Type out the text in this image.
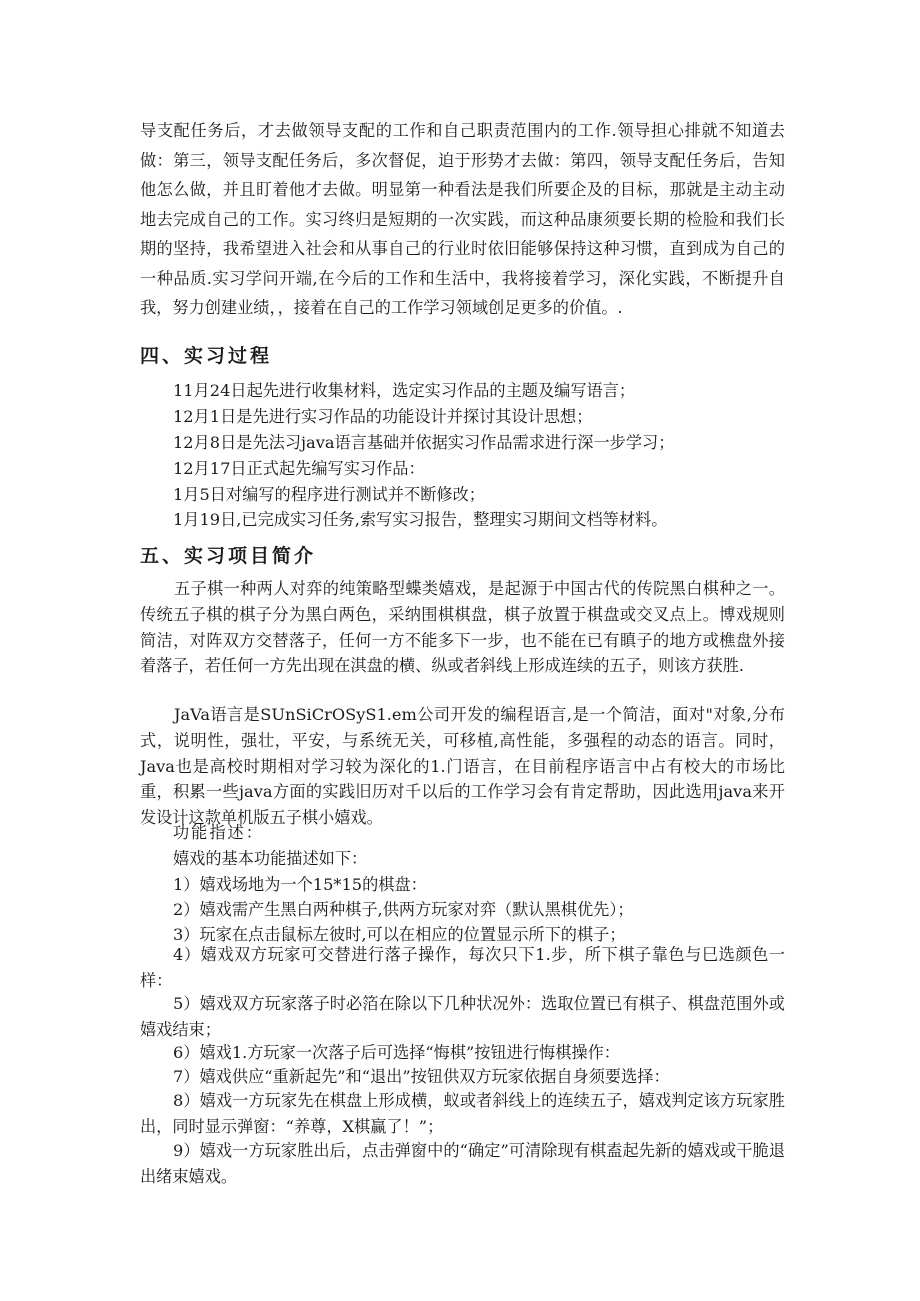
导支配任务后，才去做领导支配的工作和自己职责范围内的工作.领导担心排就不知道去做：第三，领导支配任务后，多次督促，迫于形势才去做：第四，领导支配任务后，告知他怎么做，并且盯着他才去做。明显第一种看法是我们所要企及的目标，那就是主动主动地去完成自己的工作。实习终归是短期的一次实践，而这种品康须要长期的检脸和我们长期的坚持，我希望进入社会和从事自己的行业时依旧能够保持这种习惯，直到成为自己的一种品质.实习学问开端,在今后的工作和生活中，我将接着学习，深化实践，不断提升自我，努力创建业绩，，接着在自己的工作学习领域创足更多的价值。.
四、实习过程
11月24日起先进行收集材料，选定实习作品的主题及编写语言；
12月1日是先进行实习作品的功能设计并探讨其设计思想；
12月8日是先法习java语言基础并依据实习作品需求进行深一步学习；
12月17日正式起先编写实习作品：
1月5日对编写的程序进行测试并不断修改；
1月19日,已完成实习任务,索写实习报告，整理实习期间文档等材料。
五、实习项目简介
五子棋一种两人对弈的纯策略型蝶类嬉戏，是起源于中国古代的传院黑白棋种之一。传统五子棋的棋子分为黑白两色，采纳围棋棋盘，棋子放置于棋盘或交叉点上。博戏规则简洁，对阵双方交替落子，任何一方不能多下一步，也不能在已有瞋子的地方或樵盘外接着落子，若任何一方先出现在淇盘的横、纵或者斜线上形成连续的五子，则该方获胜.
JaVa语言是SUnSiCrOSyS1.em公司开发的编程语言,是一个简洁，面对"对象,分布式，说明性，强壮，平安，与系统无关，可移植,高性能，多强程的动态的语言。同时，Java也是高校时期相对学习较为深化的1.门语言，在目前程序语言中占有校大的市场比重，积累一些java方面的实践旧历对千以后的工作学习会有肯定帮助，因此选用java来开发设计这款单机版五子棋小嬉戏。
功能指述：
嬉戏的基本功能描述如下：
1）嬉戏场地为一个15*15的棋盘：
2）嬉戏需产生黑白两种棋子,供两方玩家对弈（默认黑棋优先）；
3）玩家在点击鼠标左彼时,可以在相应的位置显示所下的棋子；
4）嬉戏双方玩家可交替进行落子操作，每次只下1.步，所下棋子靠色与巳选颜色一样：
5）嬉戏双方玩家落子时必箔在除以下几种状况外：选取位置已有棋子、棋盘范围外或嬉戏结束；
6）嬉戏1.方玩家一次落子后可选择“悔棋”按钮进行悔棋操作：
7）嬉戏供应“重新起先”和“退出”按钮供双方玩家依据自身须要选择：
8）嬉戏一方玩家先在棋盘上形成横，蚁或者斜线上的连续五子，嬉戏判定该方玩家胜出，同时显示弹窗：“养尊，X棋赢了！”；
9）嬉戏一方玩家胜出后，点击弹窗中的“确定”可清除现有棋盍起先新的嬉戏或干脆退出绪束嬉戏。
